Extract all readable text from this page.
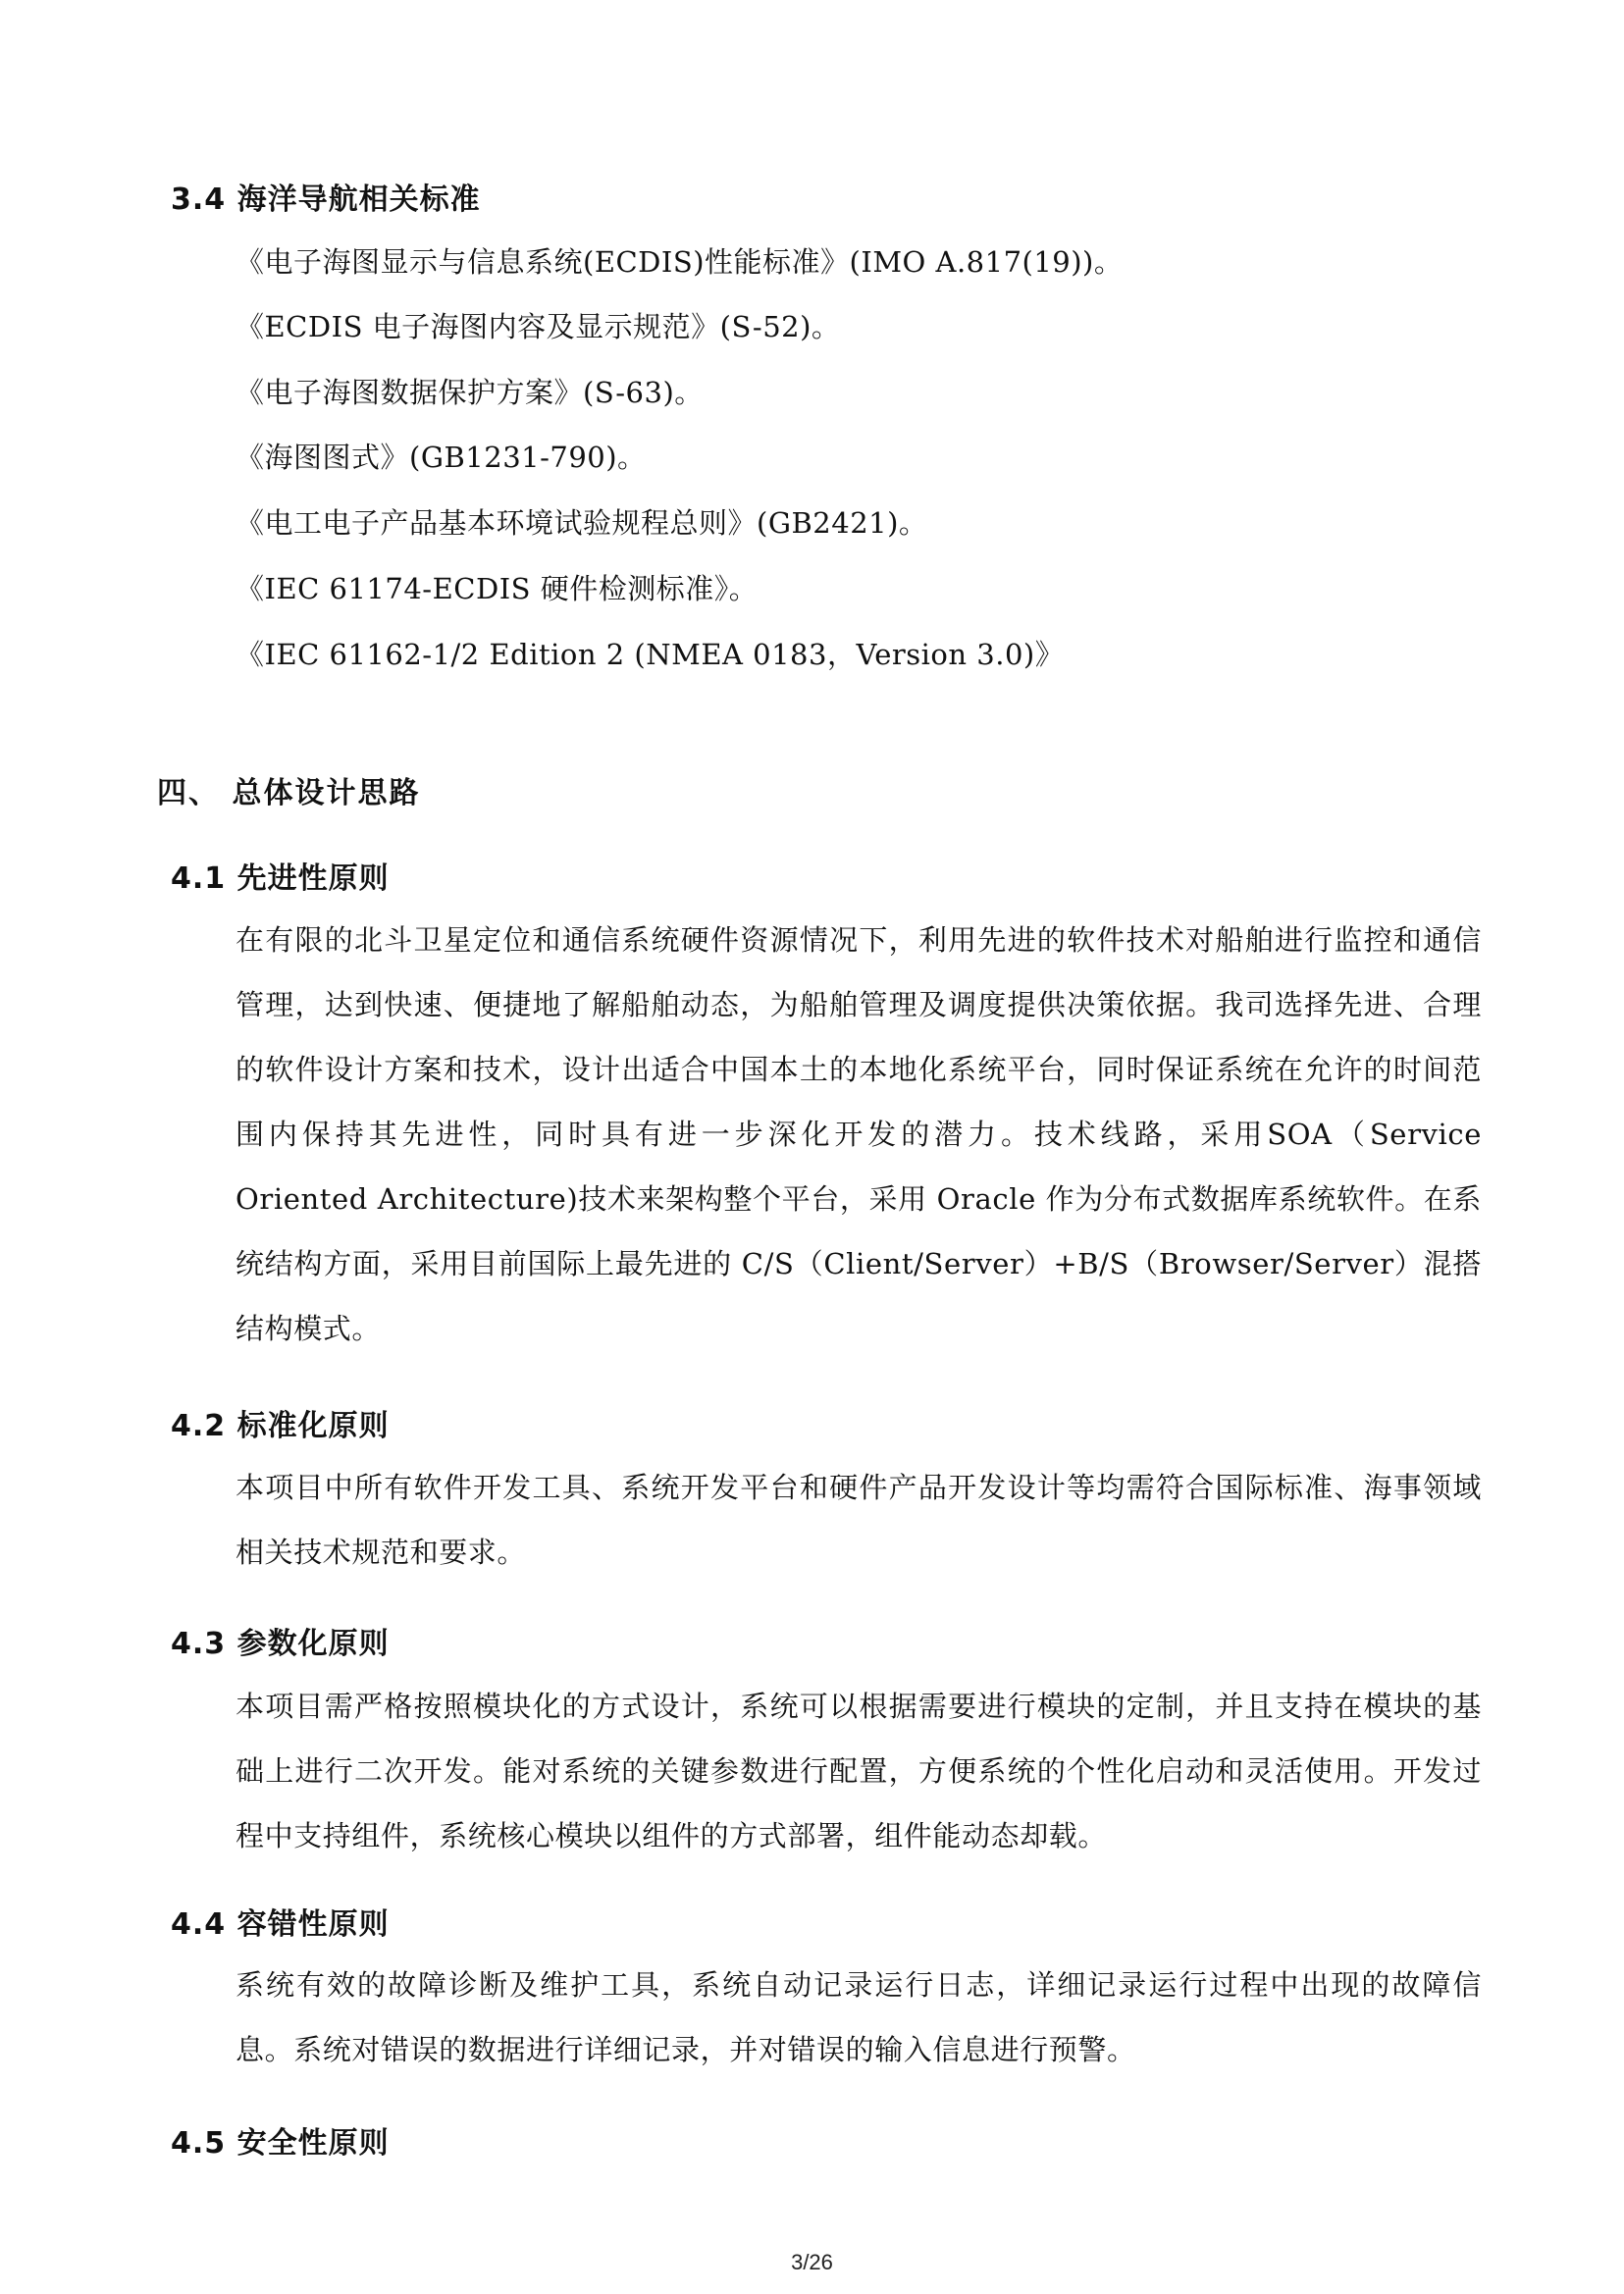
3.4 海洋导航相关标准
《电子海图显示与信息系统(ECDIS)性能标准》(IMO A.817(19))。
《ECDIS 电子海图内容及显示规范》(S-52)。
《电子海图数据保护方案》(S-63)。
《海图图式》(GB1231-790)。
《电工电子产品基本环境试验规程总则》(GB2421)。
《IEC 61174-ECDIS 硬件检测标准》。
《IEC 61162-1/2 Edition 2 (NMEA 0183，Version 3.0)》
四、 总体设计思路
4.1 先进性原则
在有限的北斗卫星定位和通信系统硬件资源情况下，利用先进的软件技术对船舶进行监控和通信管理，达到快速、便捷地了解船舶动态，为船舶管理及调度提供决策依据。我司选择先进、合理的软件设计方案和技术，设计出适合中国本土的本地化系统平台，同时保证系统在允许的时间范围内保持其先进性，同时具有进一步深化开发的潜力。技术线路，采用SOA（Service Oriented Architecture)技术来架构整个平台，采用 Oracle 作为分布式数据库系统软件。在系统结构方面，采用目前国际上最先进的 C/S（Client/Server）+B/S（Browser/Server）混搭结构模式。
4.2 标准化原则
本项目中所有软件开发工具、系统开发平台和硬件产品开发设计等均需符合国际标准、海事领域相关技术规范和要求。
4.3 参数化原则
本项目需严格按照模块化的方式设计，系统可以根据需要进行模块的定制，并且支持在模块的基础上进行二次开发。能对系统的关键参数进行配置，方便系统的个性化启动和灵活使用。开发过程中支持组件，系统核心模块以组件的方式部署，组件能动态却载。
4.4 容错性原则
系统有效的故障诊断及维护工具，系统自动记录运行日志，详细记录运行过程中出现的故障信息。系统对错误的数据进行详细记录，并对错误的输入信息进行预警。
4.5 安全性原则
3/26
